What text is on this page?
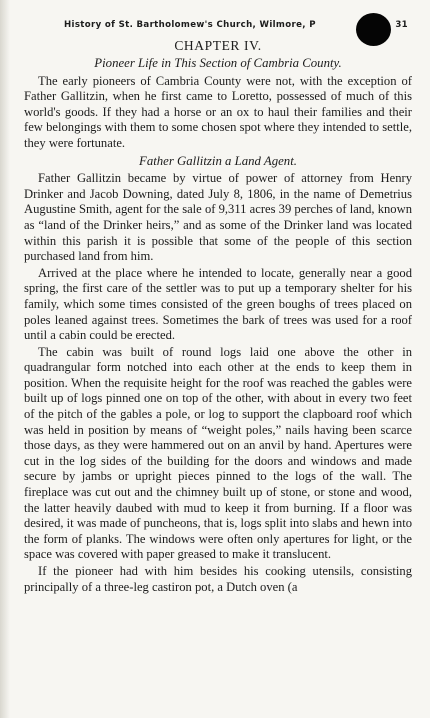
History of St. Bartholomew's Church, Wilmore, P	31
CHAPTER IV.
Pioneer Life in This Section of Cambria County.

The early pioneers of Cambria County were not, with the exception of Father Gallitzin, when he first came to Loretto, possessed of much of this world's goods. If they had a horse or an ox to haul their families and their few belongings with them to some chosen spot where they intended to settle, they were fortunate.

Father Gallitzin a Land Agent.

Father Gallitzin became by virtue of power of attorney from Henry Drinker and Jacob Downing, dated July 8, 1806, in the name of Demetrius Augustine Smith, agent for the sale of 9,311 acres 39 perches of land, known as “land of the Drinker heirs,” and as some of the Drinker land was located within this parish it is possible that some of the people of this section purchased land from him.

Arrived at the place where he intended to locate, generally near a good spring, the first care of the settler was to put up a temporary shelter for his family, which some times consisted of the green boughs of trees placed on poles leaned against trees. Sometimes the bark of trees was used for a roof until a cabin could be erected.

The cabin was built of round logs laid one above the other in quadrangular form notched into each other at the ends to keep them in position. When the requisite height for the roof was reached the gables were built up of logs pinned one on top of the other, with about in every two feet of the pitch of the gables a pole, or log to support the clapboard roof which was held in position by means of “weight poles,” nails having been scarce those days, as they were hammered out on an anvil by hand. Apertures were cut in the log sides of the building for the doors and windows and made secure by jambs or upright pieces pinned to the logs of the wall. The fireplace was cut out and the chimney built up of stone, or stone and wood, the latter heavily daubed with mud to keep it from burning. If a floor was desired, it was made of puncheons, that is, logs split into slabs and hewn into the form of planks. The windows were often only apertures for light, or the space was covered with paper greased to make it translucent.

If the pioneer had with him besides his cooking utensils, consisting principally of a three-leg castiron pot, a Dutch oven (a
